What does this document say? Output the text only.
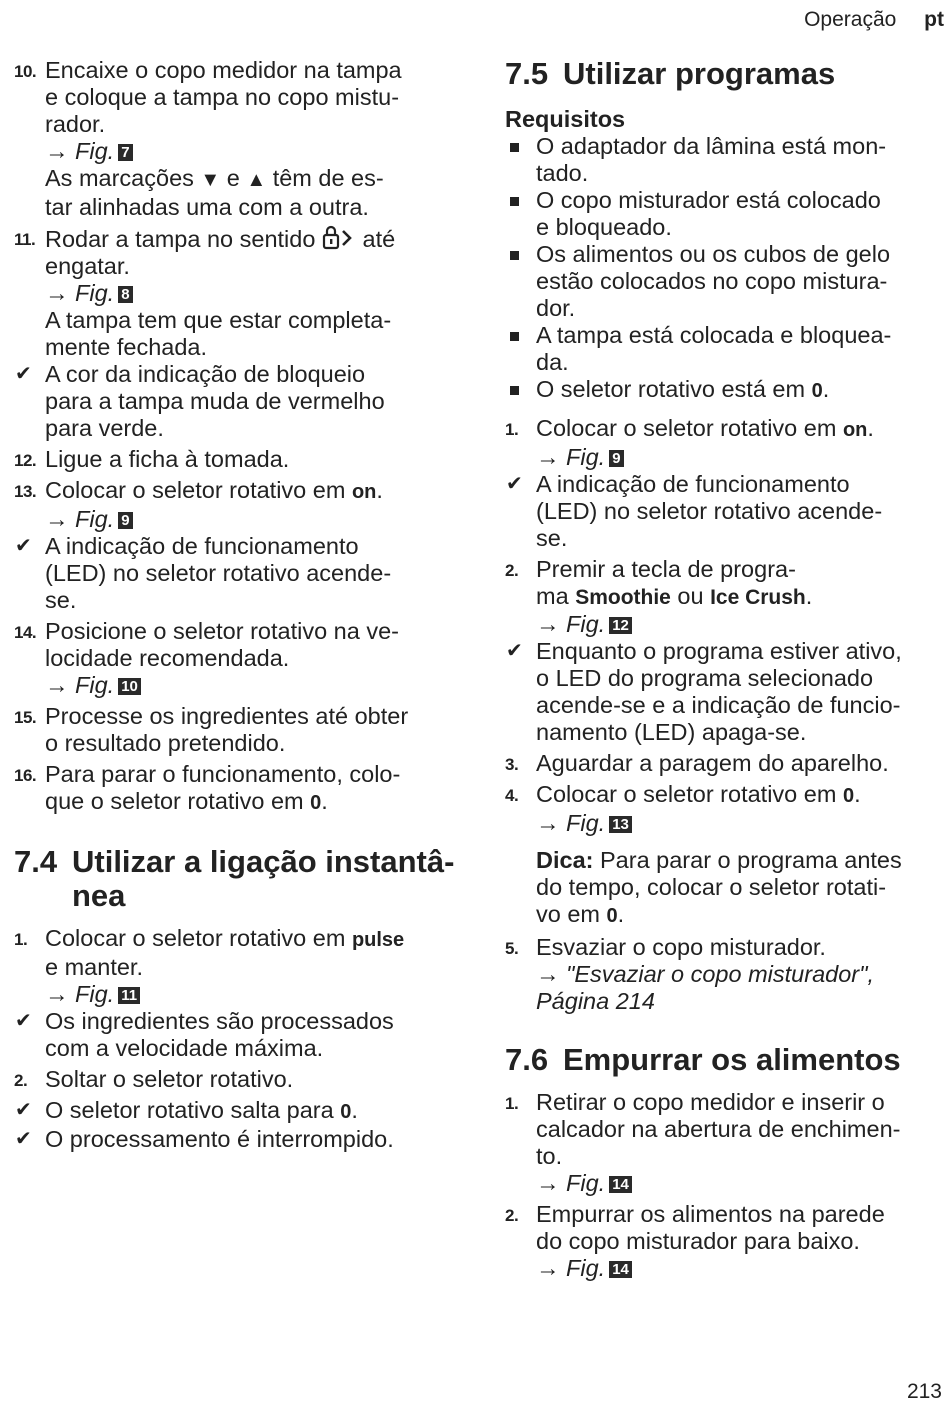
Operação pt
10. Encaixe o copo medidor na tampa
e coloque a tampa no copo mistu-
rador.
→ Fig. 7
As marcações ▼ e ▲ têm de es-
tar alinhadas uma com a outra.
11. Rodar a tampa no sentido até
engatar.
→ Fig. 8
A tampa tem que estar completa-
mente fechada.
✔ A cor da indicação de bloqueio
para a tampa muda de vermelho
para verde.
12. Ligue a ficha à tomada.
13. Colocar o seletor rotativo em on.
→ Fig. 9
✔ A indicação de funcionamento
(LED) no seletor rotativo acende-
se.
14. Posicione o seletor rotativo na ve-
locidade recomendada.
→ Fig. 10
15. Processe os ingredientes até obter
o resultado pretendido.
16. Para parar o funcionamento, colo-
que o seletor rotativo em 0.
7.4 Utilizar a ligação instantâ-
nea
1. Colocar o seletor rotativo em pulse
e manter.
→ Fig. 11
✔ Os ingredientes são processados
com a velocidade máxima.
2. Soltar o seletor rotativo.
✔ O seletor rotativo salta para 0.
✔ O processamento é interrompido.
7.5 Utilizar programas
Requisitos
O adaptador da lâmina está mon-
tado.
O copo misturador está colocado
e bloqueado.
Os alimentos ou os cubos de gelo
estão colocados no copo mistura-
dor.
A tampa está colocada e bloquea-
da.
O seletor rotativo está em 0.
1. Colocar o seletor rotativo em on.
→ Fig. 9
✔ A indicação de funcionamento
(LED) no seletor rotativo acende-
se.
2. Premir a tecla de progra-
ma Smoothie ou Ice Crush.
→ Fig. 12
✔ Enquanto o programa estiver ativo,
o LED do programa selecionado
acende-se e a indicação de funcio-
namento (LED) apaga-se.
3. Aguardar a paragem do aparelho.
4. Colocar o seletor rotativo em 0.
→ Fig. 13
Dica: Para parar o programa antes
do tempo, colocar o seletor rotati-
vo em 0.
5. Esvaziar o copo misturador.
→ "Esvaziar o copo misturador",
Página 214
7.6 Empurrar os alimentos
1. Retirar o copo medidor e inserir o
calcador na abertura de enchimen-
to.
→ Fig. 14
2. Empurrar os alimentos na parede
do copo misturador para baixo.
→ Fig. 14
213
